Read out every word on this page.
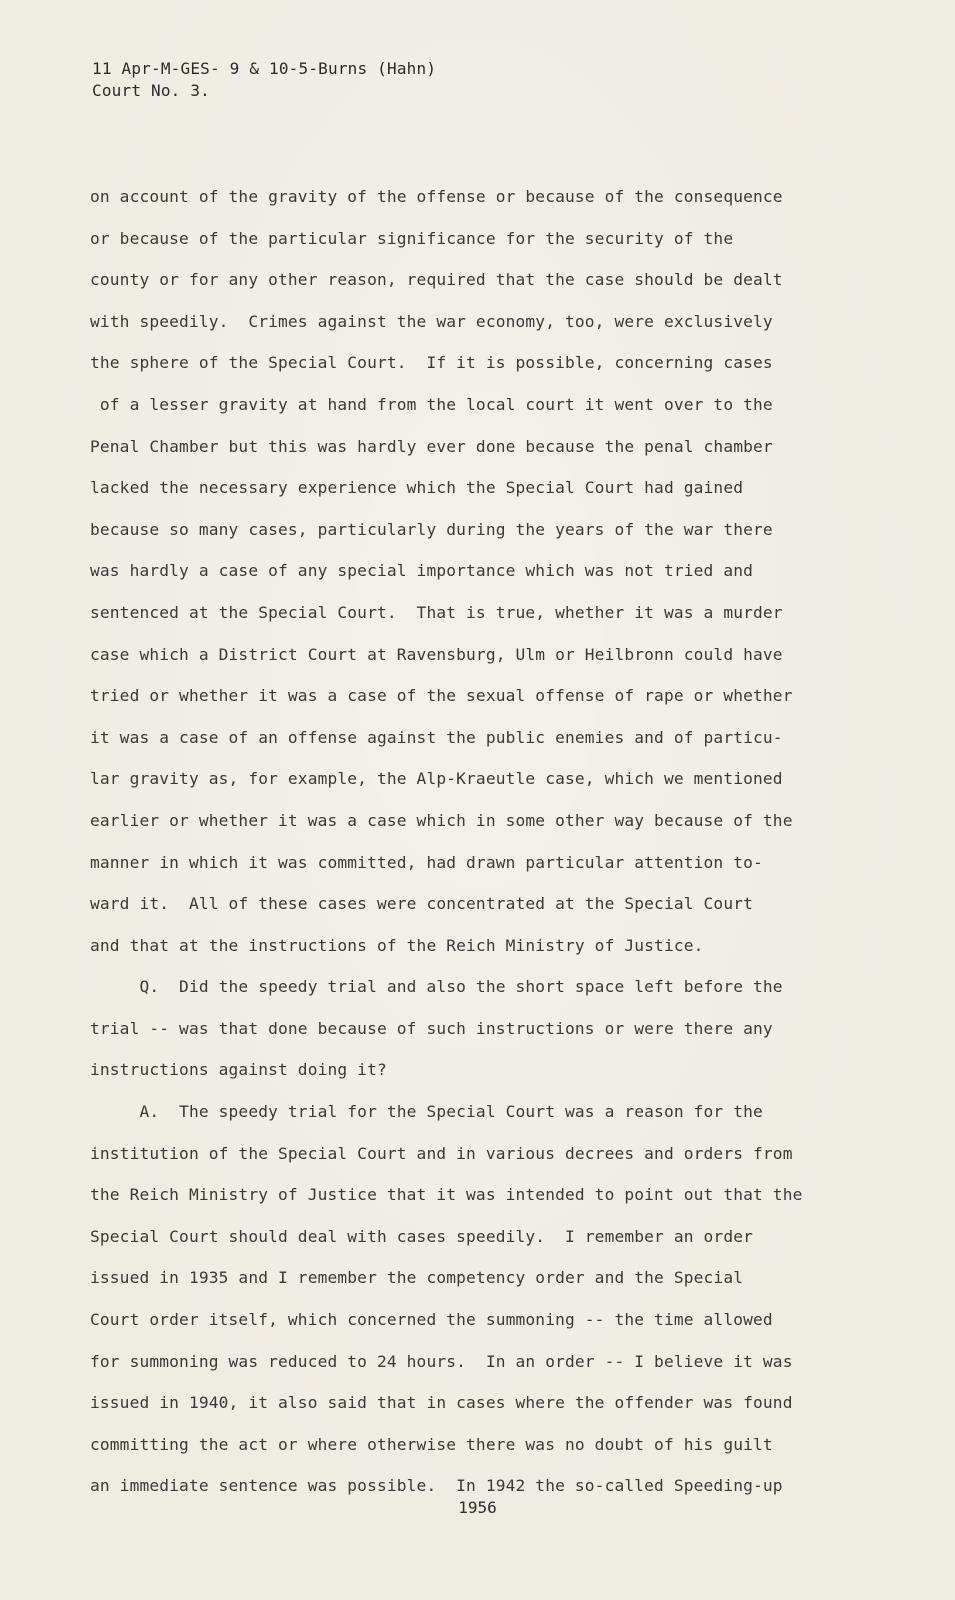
11 Apr-M-GES- 9 & 10-5-Burns (Hahn)
Court No. 3.
on account of the gravity of the offense or because of the consequence
or because of the particular significance for the security of the
county or for any other reason, required that the case should be dealt
with speedily.  Crimes against the war economy, too, were exclusively
the sphere of the Special Court.  If it is possible, concerning cases
of a lesser gravity at hand from the local court it went over to the
Penal Chamber but this was hardly ever done because the penal chamber
lacked the necessary experience which the Special Court had gained
because so many cases, particularly during the years of the war there
was hardly a case of any special importance which was not tried and
sentenced at the Special Court.  That is true, whether it was a murder
case which a District Court at Ravensburg, Ulm or Heilbronn could have
tried or whether it was a case of the sexual offense of rape or whether
it was a case of an offense against the public enemies and of particu-
lar gravity as, for example, the Alp-Kraeutle case, which we mentioned
earlier or whether it was a case which in some other way because of the
manner in which it was committed, had drawn particular attention to-
ward it.  All of these cases were concentrated at the Special Court
and that at the instructions of the Reich Ministry of Justice.
Q.  Did the speedy trial and also the short space left before the
trial -- was that done because of such instructions or were there any
instructions against doing it?
A.  The speedy trial for the Special Court was a reason for the
institution of the Special Court and in various decrees and orders from
the Reich Ministry of Justice that it was intended to point out that the
Special Court should deal with cases speedily.  I remember an order
issued in 1935 and I remember the competency order and the Special
Court order itself, which concerned the summoning -- the time allowed
for summoning was reduced to 24 hours.  In an order -- I believe it was
issued in 1940, it also said that in cases where the offender was found
committing the act or where otherwise there was no doubt of his guilt
an immediate sentence was possible.  In 1942 the so-called Speeding-up
1956
